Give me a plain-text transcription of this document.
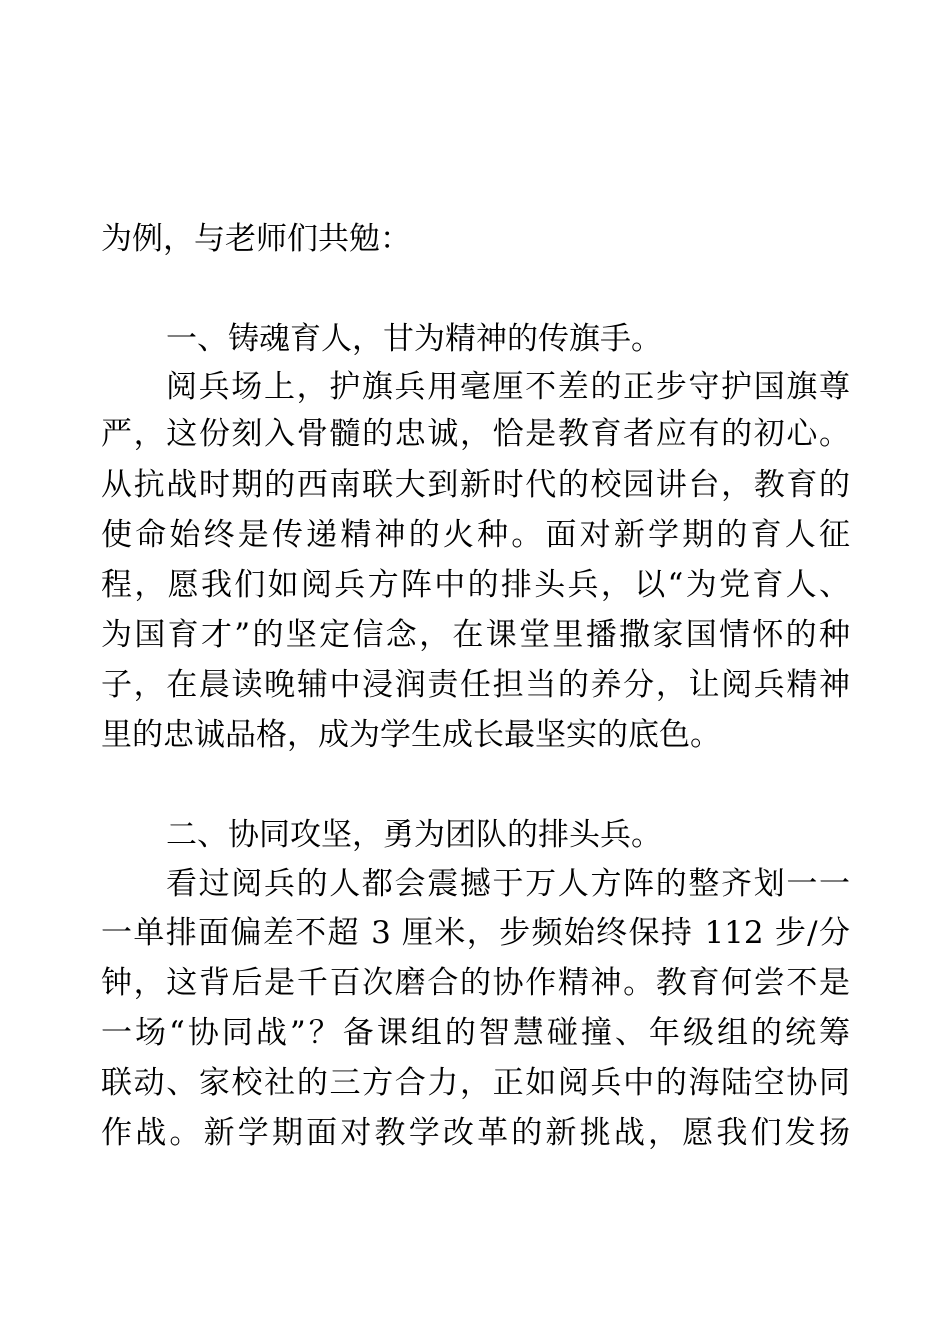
为例，与老师们共勉：
一、铸魂育人，甘为精神的传旗手。
阅兵场上，护旗兵用毫厘不差的正步守护国旗尊
严，这份刻入骨髓的忠诚，恰是教育者应有的初心。
从抗战时期的西南联大到新时代的校园讲台，教育的
使命始终是传递精神的火种。面对新学期的育人征
程，愿我们如阅兵方阵中的排头兵，以“为党育人、
为国育才”的坚定信念，在课堂里播撒家国情怀的种
子，在晨读晚辅中浸润责任担当的养分，让阅兵精神
里的忠诚品格，成为学生成长最坚实的底色。
二、协同攻坚，勇为团队的排头兵。
看过阅兵的人都会震撼于万人方阵的整齐划一一
一单排面偏差不超 3 厘米，步频始终保持 112 步/分
钟，这背后是千百次磨合的协作精神。教育何尝不是
一场“协同战”？备课组的智慧碰撞、年级组的统筹
联动、家校社的三方合力，正如阅兵中的海陆空协同
作战。新学期面对教学改革的新挑战，愿我们发扬
